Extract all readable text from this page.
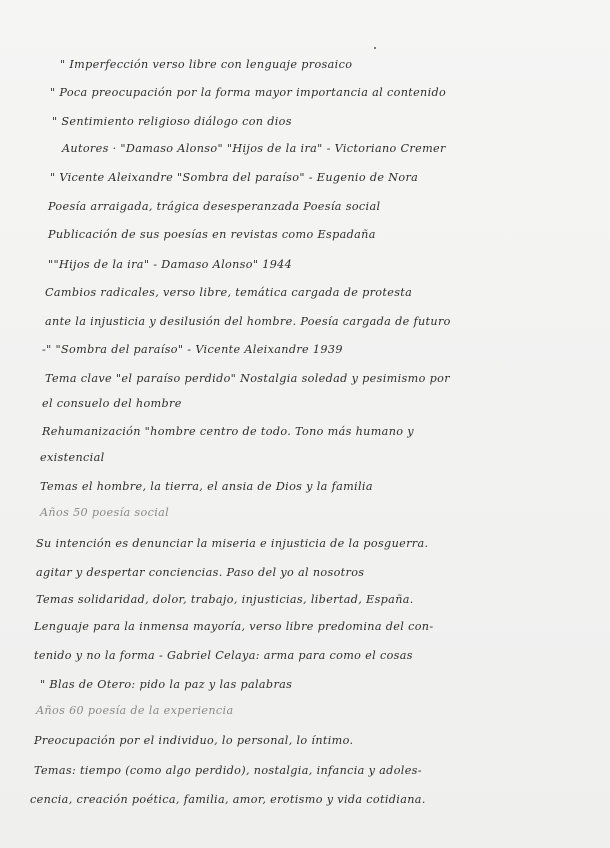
" Imperfección verso libre con lenguaje prosaico
" Poca preocupación por la forma mayor importancia al contenido
" Sentimiento religioso diálogo con dios
Autores · "Damaso Alonso" "Hijos de la ira" - Victoriano Cremer
" Vicente Aleixandre "Sombra del paraíso" - Eugenio de Nora
Poesía arraigada, trágica desesperanzada Poesía social
Publicación de sus poesías en revistas como Espadaña
""Hijos de la ira" - Damaso Alonso" 1944
Cambios radicales, verso libre, temática cargada de protesta
ante la injusticia y desilusión del hombre. Poesía cargada de futuro
-" "Sombra del paraíso" - Vicente Aleixandre 1939
Tema clave "el paraíso perdido" Nostalgia soledad y pesimismo por
el consuelo del hombre
Rehumanización "hombre centro de todo. Tono más humano y
existencial
Temas el hombre, la tierra, el ansia de Dios y la familia
Años 50 poesía social
Su intención es denunciar la miseria e injusticia de la posguerra.
agitar y despertar conciencias. Paso del yo al nosotros
Temas solidaridad, dolor, trabajo, injusticias, libertad, España.
Lenguaje para la inmensa mayoría, verso libre predomina del con-
tenido y no la forma - Gabriel Celaya: arma para como el cosas
" Blas de Otero: pido la paz y las palabras
Años 60 poesía de la experiencia
Preocupación por el individuo, lo personal, lo íntimo.
Temas: tiempo (como algo perdido), nostalgia, infancia y adoles-
cencia, creación poética, familia, amor, erotismo y vida cotidiana.
